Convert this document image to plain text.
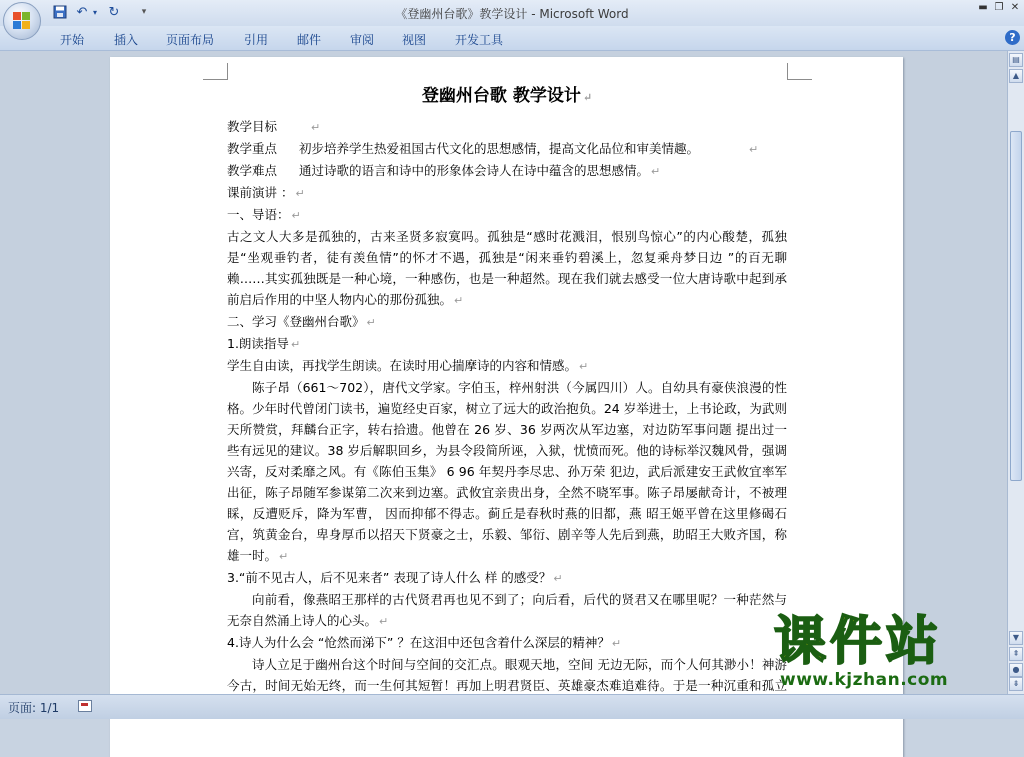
↶ ▾ ↻	▾	《登幽州台歌》教学设计 - Microsoft Word	▬ ❐ ✕
开始 插入 页面布局 引用 邮件 审阅 视图 开发工具	?
登幽州台歌 教学设计 ↵
教学目标	↵
教学重点 初步培养学生热爱祖国古代文化的思想感情，提高文化品位和审美情趣。	↵
教学难点 通过诗歌的语言和诗中的形象体会诗人在诗中蕴含的思想感情。 ↵
课前演讲 ： ↵
一、导语： ↵
古之文人大多是孤独的，古来圣贤多寂寞吗。孤独是“感时花溅泪，恨别鸟惊心”的内心酸楚，孤独是“坐观垂钓者，徒有羡鱼情”的怀才不遇，孤独是“闲来垂钓碧溪上，忽复乘舟梦日边 ”的百无聊赖……其实孤独既是一种心境，一种感伤，也是一种超然。现在我们就去感受一位大唐诗歌中起到承前启后作用的中坚人物内心的那份孤独。 ↵
二、学习《登幽州台歌》 ↵
1.朗读指导 ↵
学生自由读，再找学生朗读。在读时用心揣摩诗的内容和情感。 ↵
陈子昂（661～702），唐代文学家。字伯玉，梓州射洪（今属四川）人。自幼具有豪侠浪漫的性格。少年时代曾闭门读书，遍览经史百家，树立了远大的政治抱负。24 岁举进士，上书论政，为武则天所赞赏，拜麟台正字，转右拾遗。他曾在 26 岁、36 岁两次从军边塞，对边防军事问题 提出过一些有远见的建议。38 岁后解职回乡，为县令段简所诬，入狱，忧愤而死。他的诗标举汉魏风骨，强调兴寄，反对柔靡之风。有《陈伯玉集》 6 96 年契丹李尽忠、孙万荣 犯边，武后派建安王武攸宜率军出征，陈子昂随军参谋第二次来到边塞。武攸宜亲贵出身，全然不晓军事。陈子昂屡献奇计，不被理睬，反遭贬斥，降为军曹， 因而抑郁不得志。蓟丘是春秋时燕的旧都，燕 昭王姬平曾在这里修碣石宫，筑黄金台，卑身厚币以招天下贤豪之士，乐毅、邹衍、剧辛等人先后到燕，助昭王大败齐国，称雄一时。 ↵
3.“前不见古人，后不见来者” 表现了诗人什么 样 的感受？ ↵
向前看，像燕昭王那样的古代贤君再也见不到了；向后看，后代的贤君又在哪里呢？一种茫然与无奈自然涌上诗人的心头。 ↵
4.诗人为什么会 “怆然而涕下” ？在这泪中还包含着什么深层的精神？ ↵
诗人立足于幽州台这个时间与空间的交汇点。眼观天地，空间 无边无际，而个人何其渺小！神游今古，时间无始无终，而一生何其短暂！再加上明君贤臣、英雄豪杰难追难待。于是一种沉重和孤立
▤
▲
▼
⇞
●
⇟
页面: 1/1
课件站
www.kjzhan.com
